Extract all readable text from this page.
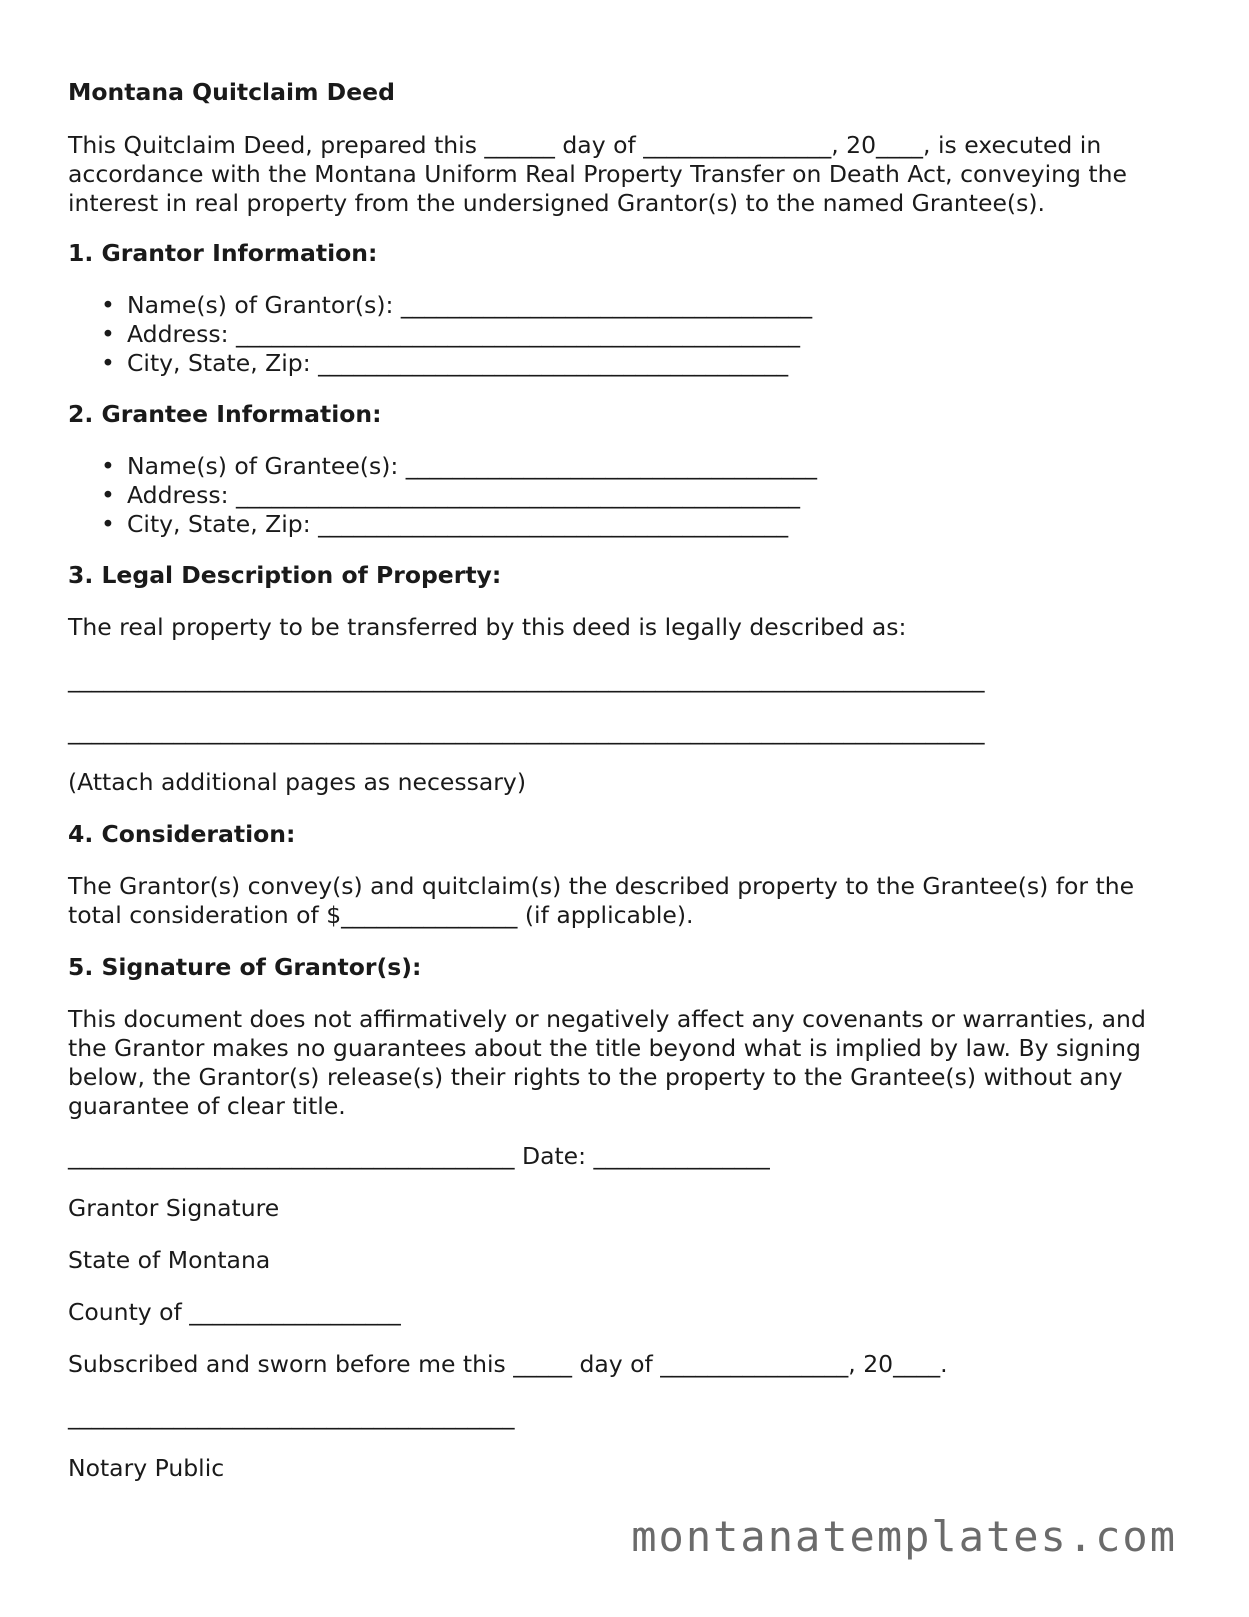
Montana Quitclaim Deed

This Quitclaim Deed, prepared this ______ day of ________________, 20____, is executed in accordance with the Montana Uniform Real Property Transfer on Death Act, conveying the interest in real property from the undersigned Grantor(s) to the named Grantee(s).

1. Grantor Information:
• Name(s) of Grantor(s): ___________________________________
• Address: ________________________________________________
• City, State, Zip: ________________________________________
2. Grantee Information:
• Name(s) of Grantee(s): ___________________________________
• Address: ________________________________________________
• City, State, Zip: ________________________________________
3. Legal Description of Property:
The real property to be transferred by this deed is legally described as:
______________________________________________________________________________
______________________________________________________________________________
(Attach additional pages as necessary)
4. Consideration:

The Grantor(s) convey(s) and quitclaim(s) the described property to the Grantee(s) for the total consideration of $_______________ (if applicable).

5. Signature of Grantor(s):

This document does not affirmatively or negatively affect any covenants or warranties, and the Grantor makes no guarantees about the title beyond what is implied by law. By signing below, the Grantor(s) release(s) their rights to the property to the Grantee(s) without any guarantee of clear title.

______________________________________ Date: _______________
Grantor Signature
State of Montana
County of __________________
Subscribed and sworn before me this _____ day of ________________, 20____.
______________________________________
Notary Public
montanatemplates.com
